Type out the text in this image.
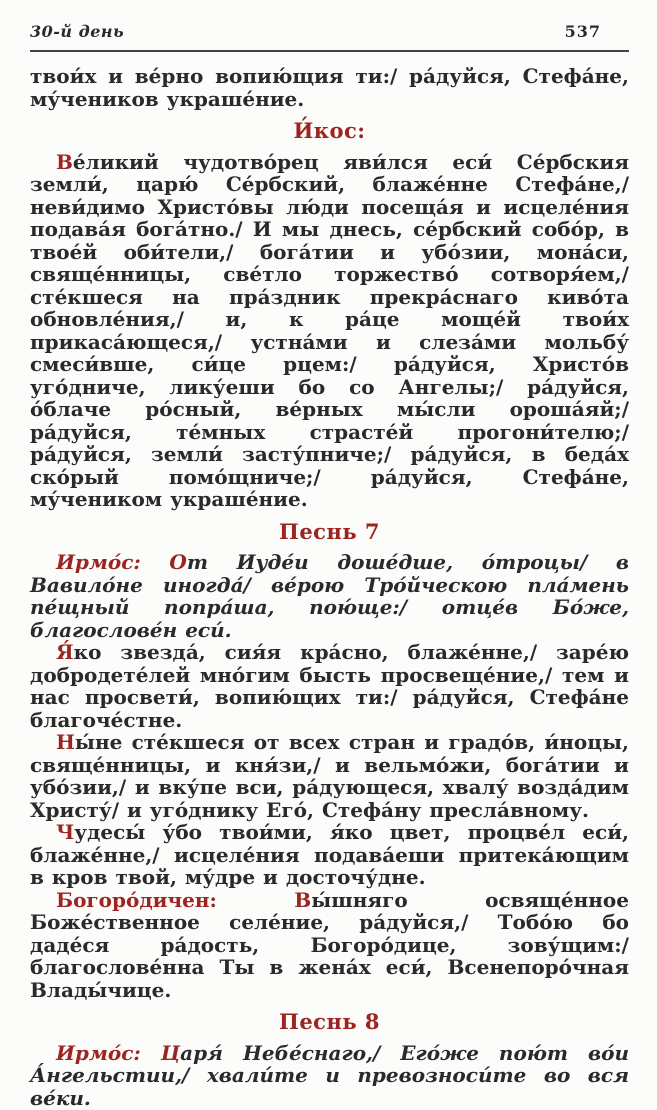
30-й день	537

твои́х и ве́рно вопию́щия ти:/ ра́дуйся, Стефа́не, му́чеников украше́ние.

И́кос:

Ве́ликий чудотво́рец яви́лся еси́ Се́рбския земли́, царю́ Се́рбский, блаже́нне Стефа́не,/ неви́димо Христо́вы лю́ди посеща́я и исцеле́ния подава́я бога́тно./ И мы днесь, се́рбский собо́р, в твое́й оби́тели,/ бога́тии и убо́зии, мона́си, свяще́нницы, све́тло торжество́ сотворя́ем,/ сте́кшеся на пра́здник прекра́снаго киво́та обновле́ния,/ и, к ра́це моще́й твои́х прикаса́ющеся,/ устна́ми и слеза́ми мольбу́ смеси́вше, си́це рцем:/ ра́дуйся, Христо́в уго́дниче, лику́еши бо со Ангелы;/ ра́дуйся, о́блаче ро́сный, ве́рных мы́сли ороша́яй;/ ра́дуйся, те́мных страсте́й прогони́телю;/ ра́дуйся, земли́ засту́пниче;/ ра́дуйся, в беда́х ско́рый помо́щниче;/ ра́дуйся, Стефа́не, му́чеником украше́ние.

Песнь 7

Ирмо́с: От Иуде́и доше́дше, о́троцы/ в Вавило́не иногда́/ ве́рою Тро́йческою пла́мень пе́щный попра́ша, пою́ще:/ отце́в Бо́же, благослове́н еси́.

Я́ко звезда́, сия́я кра́сно, блаже́нне,/ заре́ю добродете́лей мно́гим бысть просвеще́ние,/ тем и нас просвети́, вопию́щих ти:/ ра́дуйся, Стефа́не благоче́стне.

Ны́не сте́кшеся от всех стран и градо́в, и́ноцы, свяще́нницы, и кня́зи,/ и вельмо́жи, бога́тии и убо́зии,/ и вку́пе вси, ра́дующеся, хвалу́ возда́дим Христу́/ и уго́днику Его́, Стефа́ну пресла́вному.

Чудесы́ у́бо твои́ми, я́ко цвет, процве́л еси́, блаже́нне,/ исцеле́ния подава́еши притека́ющим в кров твой, му́дре и досточу́дне.

Богоро́дичен:	Вы́шняго освяще́нное Боже́ственное селе́ние, ра́дуйся,/ Тобо́ю бо даде́ся ра́дость, Богоро́дице, зову́щим:/ благослове́нна Ты в жена́х еси́, Всенепоро́чная Влады́чице.

Песнь 8

Ирмо́с: Царя́ Небе́снаго,/ Его́же пою́т во́и А́нгельстии,/ хвали́те и превозноси́те во вся ве́ки.
